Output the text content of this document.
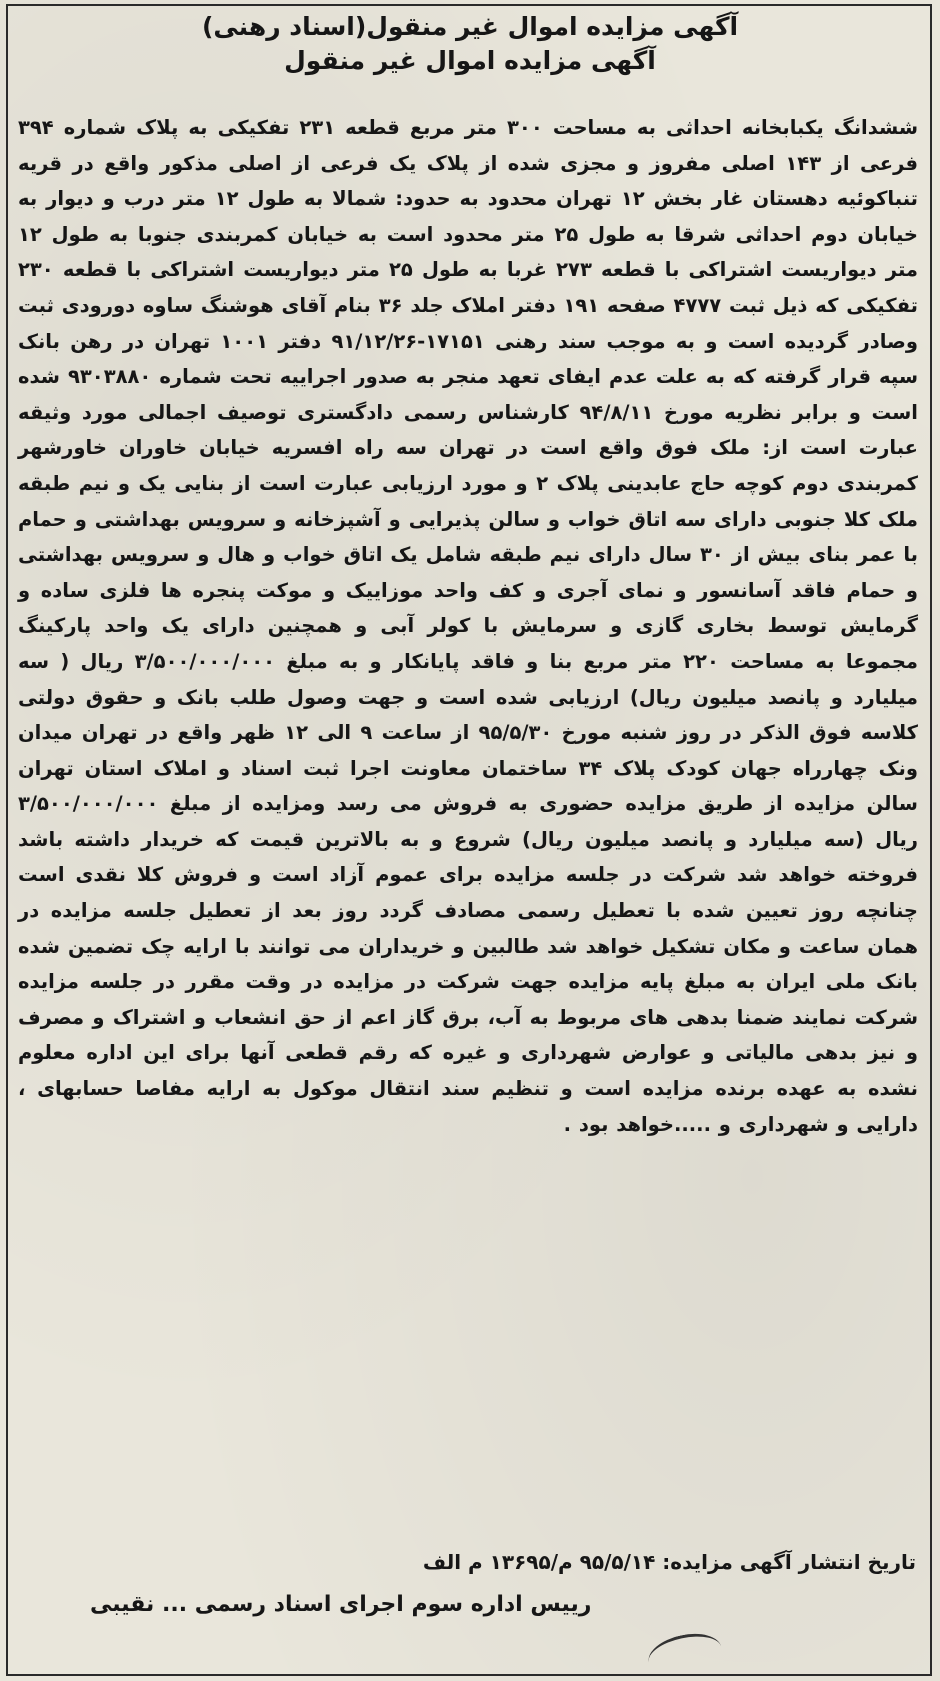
آگهی مزایده اموال غیر منقول(اسناد رهنی)
آگهی مزایده اموال غیر منقول
ششدانگ یکبابخانه احداثی به مساحت ۳۰۰ متر مربع قطعه ۲۳۱ تفکیکی به پلاک شماره ۳۹۴ فرعی از ۱۴۳ اصلی مفروز و مجزی شده از پلاک یک فرعی از اصلی مذکور واقع در قریه تنباکوئیه دهستان غار بخش ۱۲ تهران محدود به حدود: شمالا به طول ۱۲ متر درب و دیوار به خیابان دوم احداثی شرقا به طول ۲۵ متر محدود است به خیابان کمربندی جنوبا به طول ۱۲ متر دیواریست اشتراکی با قطعه ۲۷۳ غربا به طول ۲۵ متر دیواریست اشتراکی با قطعه ۲۳۰ تفکیکی که ذیل ثبت ۴۷۷۷ صفحه ۱۹۱ دفتر املاک جلد ۳۶ بنام آقای هوشنگ ساوه دورودی ثبت وصادر گردیده است و به موجب سند رهنی ۱۷۱۵۱-۹۱/۱۲/۲۶ دفتر ۱۰۰۱ تهران در رهن بانک سپه قرار گرفته که به علت عدم ایفای تعهد منجر به صدور اجراییه تحت شماره ۹۳۰۳۸۸۰ شده است و برابر نظریه مورخ ۹۴/۸/۱۱ کارشناس رسمی دادگستری توصیف اجمالی مورد وثیقه عبارت است از: ملک فوق واقع است در تهران سه راه افسریه خیابان خاوران خاورشهر کمربندی دوم کوچه حاج عابدینی پلاک ۲ و مورد ارزیابی عبارت است از بنایی یک و نیم طبقه ملک کلا جنوبی دارای سه اتاق خواب و سالن پذیرایی و آشپزخانه و سرویس بهداشتی و حمام با عمر بنای بیش از ۳۰ سال دارای نیم طبقه شامل یک اتاق خواب و هال و سرویس بهداشتی و حمام فاقد آسانسور و نمای آجری و کف واحد موزاییک و موکت پنجره ها فلزی ساده و گرمایش توسط بخاری گازی و سرمایش با کولر آبی و همچنین دارای یک واحد پارکینگ مجموعا به مساحت ۲۲۰ متر مربع بنا و فاقد پایانکار و به مبلغ ۳/۵۰۰/۰۰۰/۰۰۰ ریال ( سه میلیارد و پانصد میلیون ریال) ارزیابی شده است و جهت وصول طلب بانک و حقوق دولتی کلاسه فوق الذکر در روز شنبه مورخ ۹۵/۵/۳۰ از ساعت ۹ الی ۱۲ ظهر واقع در تهران میدان ونک چهارراه جهان کودک پلاک ۳۴ ساختمان معاونت اجرا ثبت اسناد و املاک استان تهران سالن مزایده از طریق مزایده حضوری به فروش می رسد ومزایده از مبلغ ۳/۵۰۰/۰۰۰/۰۰۰ ریال (سه میلیارد و پانصد میلیون ریال) شروع و به بالاترین قیمت که خریدار داشته باشد فروخته خواهد شد شرکت در جلسه مزایده برای عموم آزاد است و فروش کلا نقدی است چنانچه روز تعیین شده با تعطیل رسمی مصادف گردد روز بعد از تعطیل جلسه مزایده در همان ساعت و مکان تشکیل خواهد شد طالبین و خریداران می توانند با ارایه چک تضمین شده بانک ملی ایران به مبلغ پایه مزایده جهت شرکت در مزایده در وقت مقرر در جلسه مزایده شرکت نمایند ضمنا بدهی های مربوط به آب، برق گاز اعم از حق انشعاب و اشتراک و مصرف و نیز بدهی مالیاتی و عوارض شهرداری و غیره که رقم قطعی آنها برای این اداره معلوم نشده به عهده برنده مزایده است و تنظیم سند انتقال موکول به ارایه مفاصا حسابهای ، دارایی و شهرداری و .....خواهد بود .
تاریخ انتشار آگهی مزایده: ۹۵/۵/۱۴ م/۱۳۶۹۵ م الف
رییس اداره سوم اجرای اسناد رسمی ... نقیبی
